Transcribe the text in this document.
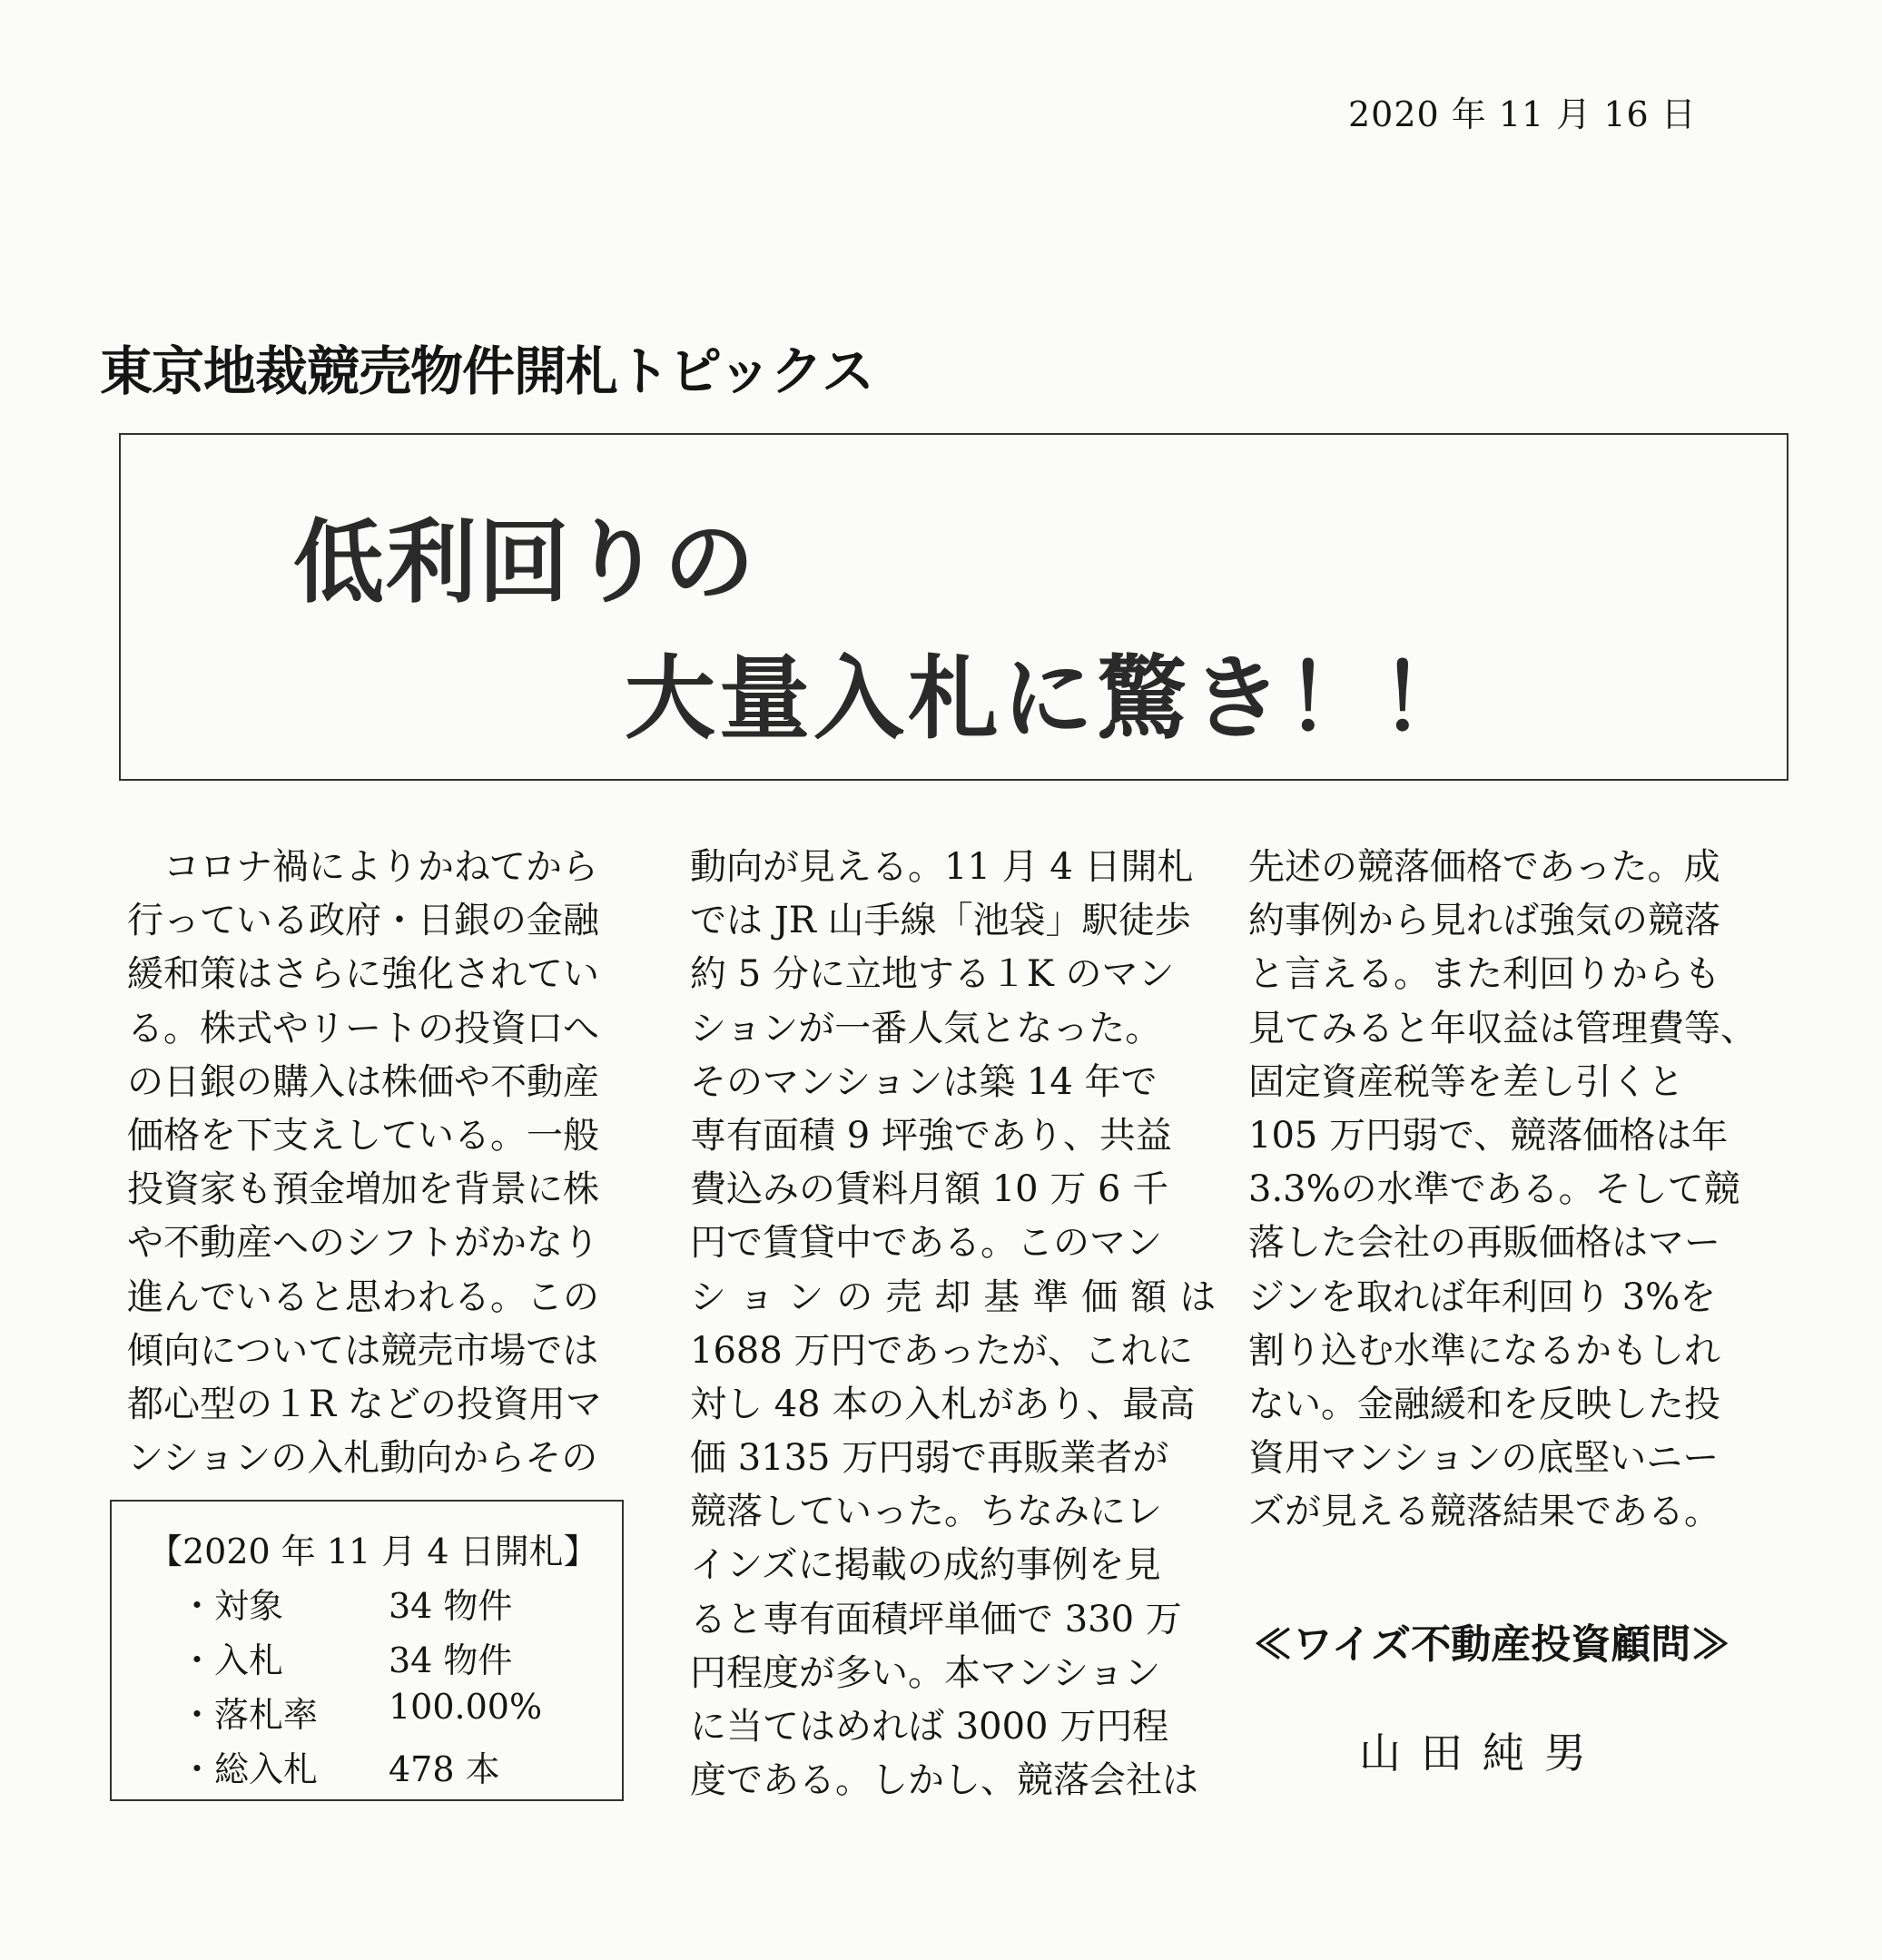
2020 年 11 月 16 日
東京地裁競売物件開札トピックス
低利回りの
大量入札に驚き！！
　コロナ禍によりかねてから
行っている政府・日銀の金融
緩和策はさらに強化されてい
る。株式やリートの投資口へ
の日銀の購入は株価や不動産
価格を下支えしている。一般
投資家も預金増加を背景に株
や不動産へのシフトがかなり
進んでいると思われる。この
傾向については競売市場では
都心型の１R などの投資用マ
ンションの入札動向からその
動向が見える。11 月 4 日開札
では JR 山手線「池袋」駅徒歩
約 5 分に立地する１K のマン
ションが一番人気となった。
そのマンションは築 14 年で
専有面積 9 坪強であり、共益
費込みの賃料月額 10 万 6 千
円で賃貸中である。このマン
ションの売却基準価額は
1688 万円であったが、これに
対し 48 本の入札があり、最高
価 3135 万円弱で再販業者が
競落していった。ちなみにレ
インズに掲載の成約事例を見
ると専有面積坪単価で 330 万
円程度が多い。本マンション
に当てはめれば 3000 万円程
度である。しかし、競落会社は
先述の競落価格であった。成
約事例から見れば強気の競落
と言える。また利回りからも
見てみると年収益は管理費等、
固定資産税等を差し引くと
105 万円弱で、競落価格は年
3.3%の水準である。そして競
落した会社の再販価格はマー
ジンを取れば年利回り 3%を
割り込む水準になるかもしれ
ない。金融緩和を反映した投
資用マンションの底堅いニー
ズが見える競落結果である。
【2020 年 11 月 4 日開札】
・対象	34 物件
・入札	34 物件
・落札率 100.00%
・総入札 478 本
≪ワイズ不動産投資顧問≫
山田純男
